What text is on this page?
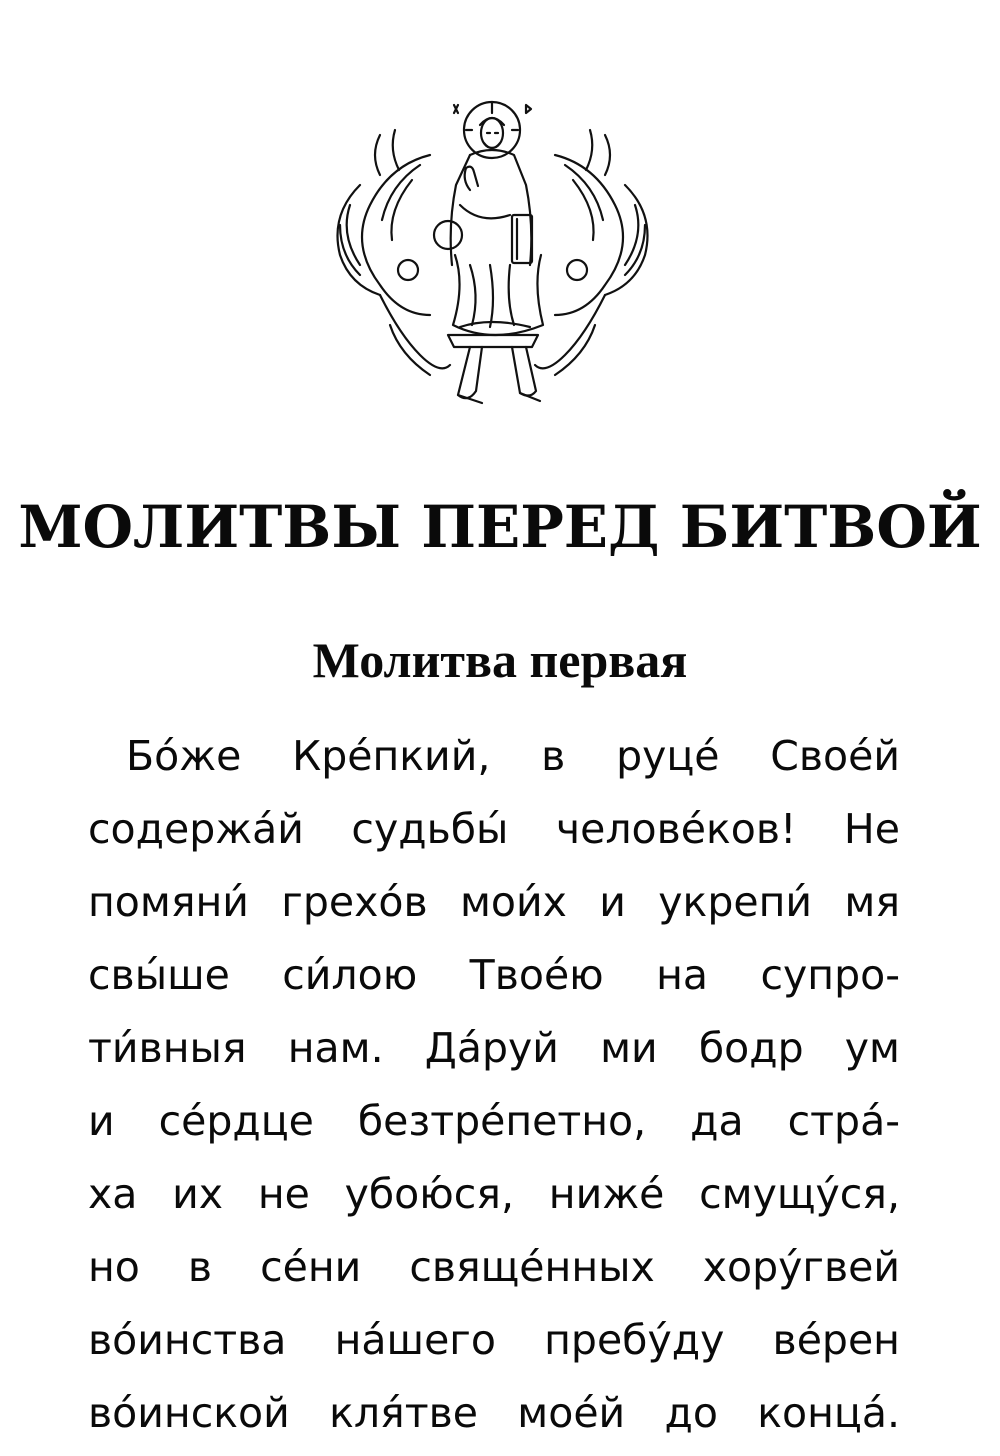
МОЛИТВЫ ПЕРЕД БИТВОЙ
Молитва первая
Бóже Крéпкий, в руцé Своéй
содержáй судьбы́ человéков! Не
помяни́ грехóв мои́х и укрепи́ мя
свы́ше си́лою Твоéю на супро-
ти́вныя нам. Дáруй ми бодр ум
и сéрдце безтрéпетно, да стрá-
ха их не убою́ся, нижé смущу́ся,
но в сéни свящéнных хору́гвей
вóинства нáшего пребу́ду вéрен
вóинской кля́тве моéй до концá.
